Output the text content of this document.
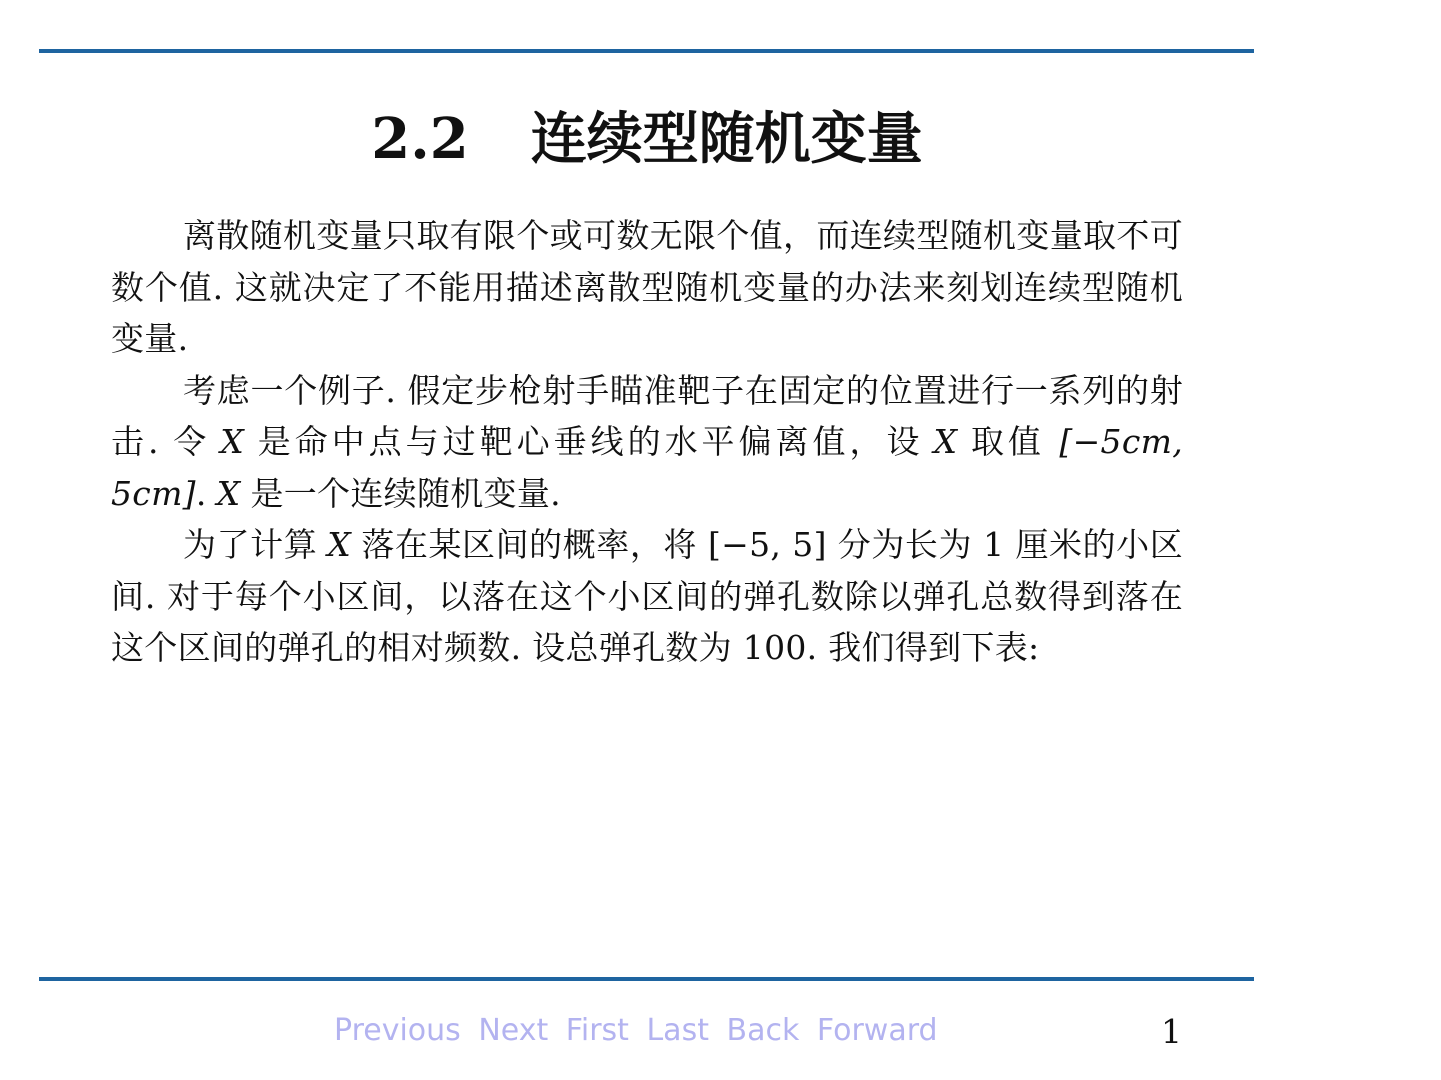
2.2 连续型随机变量

离散随机变量只取有限个或可数无限个值，而连续型随机变量取不可数个值. 这就决定了不能用描述离散型随机变量的办法来刻划连续型随机变量.

考虑一个例子. 假定步枪射手瞄准靶子在固定的位置进行一系列的射击. 令 X 是命中点与过靶心垂线的水平偏离值，设 X 取值 [−5cm, 5cm]. X 是一个连续随机变量.

为了计算 X 落在某区间的概率，将 [−5, 5] 分为长为 1 厘米的小区间. 对于每个小区间，以落在这个小区间的弹孔数除以弹孔总数得到落在这个区间的弹孔的相对频数. 设总弹孔数为 100. 我们得到下表:

Previous Next First Last Back Forward	1
